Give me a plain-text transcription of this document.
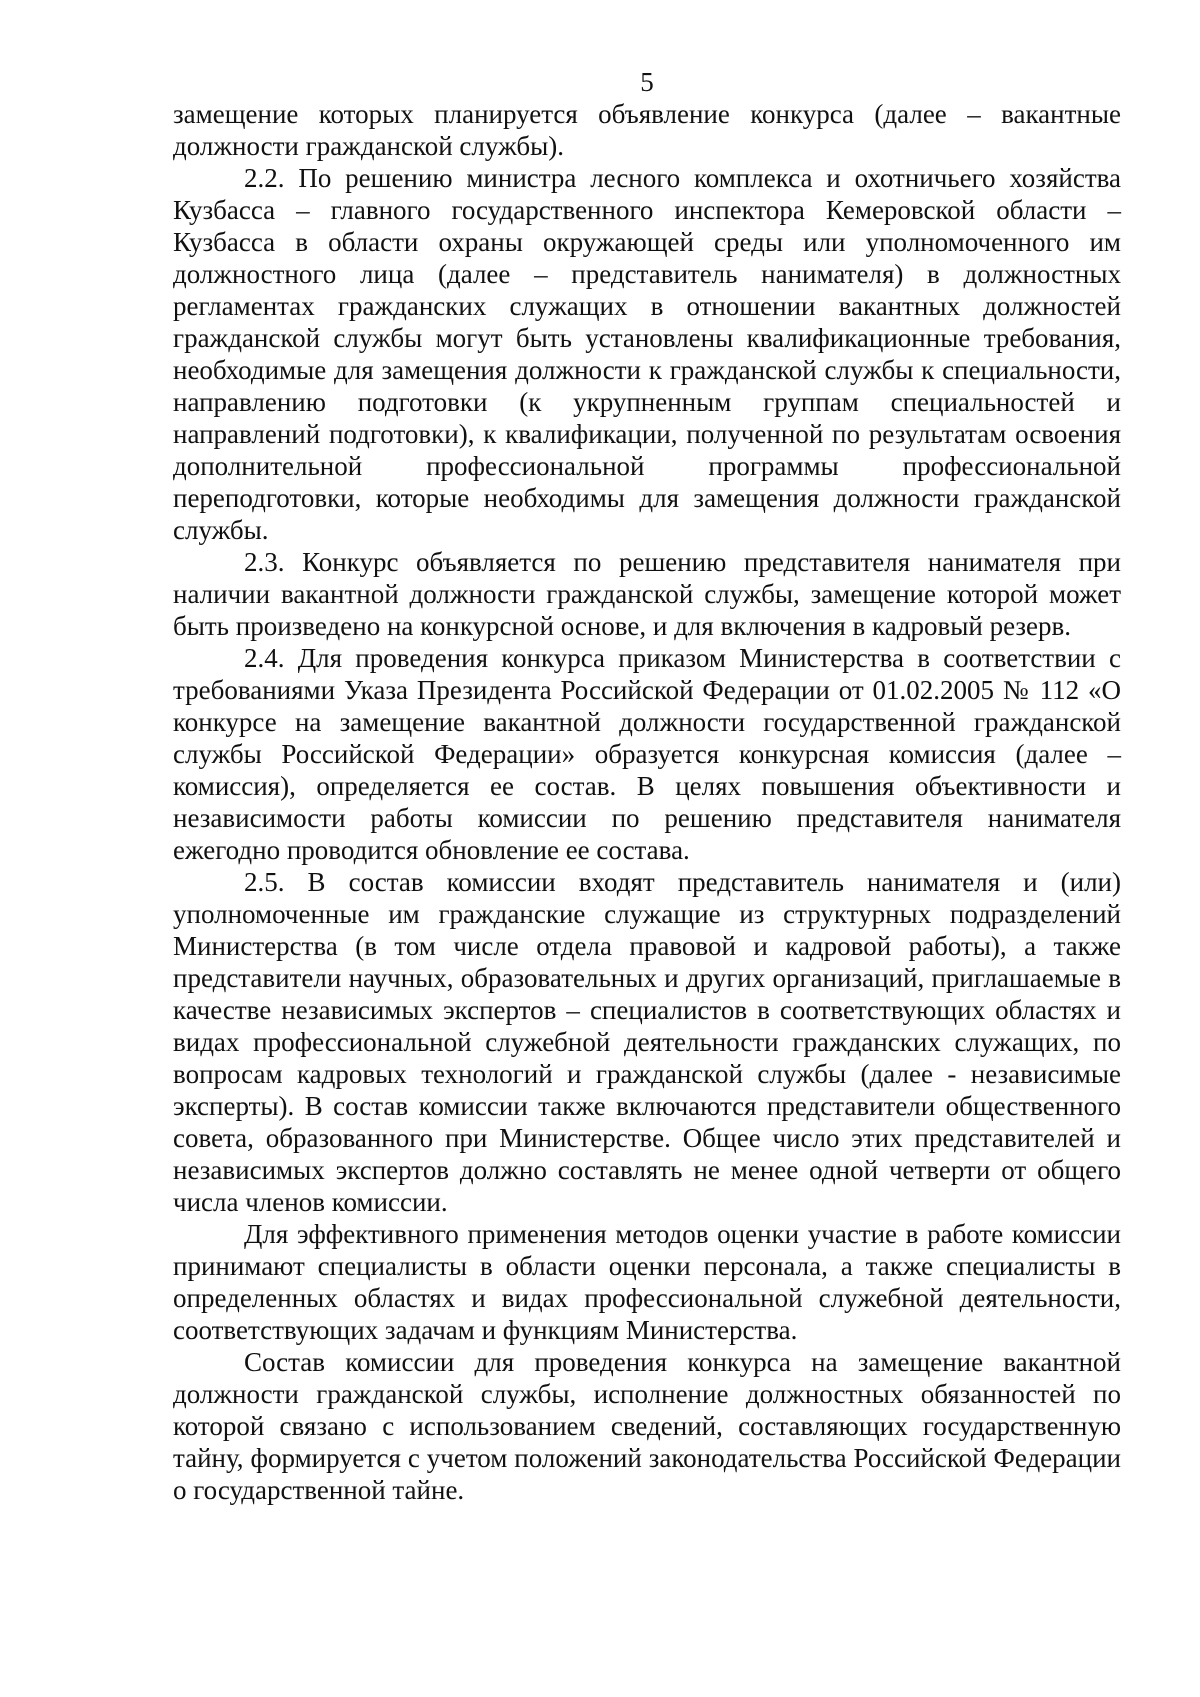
5

замещение которых планируется объявление конкурса (далее – вакантные должности гражданской службы).

2.2. По решению министра лесного комплекса и охотничьего хозяйства Кузбасса – главного государственного инспектора Кемеровской области – Кузбасса в области охраны окружающей среды или уполномоченного им должностного лица (далее – представитель нанимателя) в должностных регламентах гражданских служащих в отношении вакантных должностей гражданской службы могут быть установлены квалификационные требования, необходимые для замещения должности к гражданской службы к специальности, направлению подготовки (к укрупненным группам специальностей и направлений подготовки), к квалификации, полученной по результатам освоения дополнительной профессиональной программы профессиональной переподготовки, которые необходимы для замещения должности гражданской службы.

2.3. Конкурс объявляется по решению представителя нанимателя при наличии вакантной должности гражданской службы, замещение которой может быть произведено на конкурсной основе, и для включения в кадровый резерв.

2.4. Для проведения конкурса приказом Министерства в соответствии с требованиями Указа Президента Российской Федерации от 01.02.2005 № 112 «О конкурсе на замещение вакантной должности государственной гражданской службы Российской Федерации» образуется конкурсная комиссия (далее – комиссия), определяется ее состав. В целях повышения объективности и независимости работы комиссии по решению представителя нанимателя ежегодно проводится обновление ее состава.

2.5. В состав комиссии входят представитель нанимателя и (или) уполномоченные им гражданские служащие из структурных подразделений Министерства (в том числе отдела правовой и кадровой работы), а также представители научных, образовательных и других организаций, приглашаемые в качестве независимых экспертов – специалистов в соответствующих областях и видах профессиональной служебной деятельности гражданских служащих, по вопросам кадровых технологий и гражданской службы (далее - независимые эксперты). В состав комиссии также включаются представители общественного совета, образованного при Министерстве. Общее число этих представителей и независимых экспертов должно составлять не менее одной четверти от общего числа членов комиссии.

Для эффективного применения методов оценки участие в работе комиссии принимают специалисты в области оценки персонала, а также специалисты в определенных областях и видах профессиональной служебной деятельности, соответствующих задачам и функциям Министерства.

Состав комиссии для проведения конкурса на замещение вакантной должности гражданской службы, исполнение должностных обязанностей по которой связано с использованием сведений, составляющих государственную тайну, формируется с учетом положений законодательства Российской Федерации о государственной тайне.
